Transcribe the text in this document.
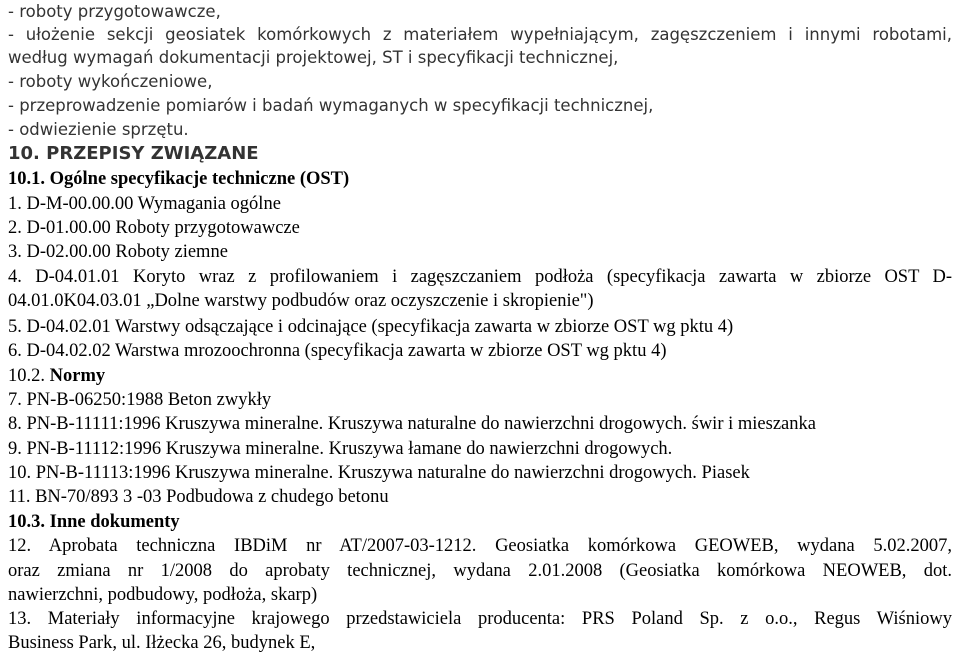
- roboty przygotowawcze,
- ułożenie sekcji geosiatek komórkowych z materiałem wypełniającym, zagęszczeniem i innymi robotami,
według wymagań dokumentacji projektowej, ST i specyfikacji technicznej,
- roboty wykończeniowe,
- przeprowadzenie pomiarów i badań wymaganych w specyfikacji technicznej,
- odwiezienie sprzętu.
10. PRZEPISY ZWIĄZANE
10.1. Ogólne specyfikacje techniczne (OST)
1. D-M-00.00.00 Wymagania ogólne
2. D-01.00.00 Roboty przygotowawcze
3. D-02.00.00 Roboty ziemne
4. D-04.01.01 Koryto wraz z profilowaniem i zagęszczaniem podłoża (specyfikacja zawarta w zbiorze OST D-
04.01.0K04.03.01 „Dolne warstwy podbudów oraz oczyszczenie i skropienie")
5. D-04.02.01 Warstwy odsączające i odcinające (specyfikacja zawarta w zbiorze OST wg pktu 4)
6. D-04.02.02 Warstwa mrozoochronna (specyfikacja zawarta w zbiorze OST wg pktu 4)
10.2. Normy
7. PN-B-06250:1988 Beton zwykły
8. PN-B-11111:1996 Kruszywa mineralne. Kruszywa naturalne do nawierzchni drogowych. świr i mieszanka
9. PN-B-11112:1996 Kruszywa mineralne. Kruszywa łamane do nawierzchni drogowych.
10. PN-B-11113:1996 Kruszywa mineralne. Kruszywa naturalne do nawierzchni drogowych. Piasek
11. BN-70/893 3 -03 Podbudowa z chudego betonu
10.3. Inne dokumenty
12. Aprobata techniczna IBDiM nr AT/2007-03-1212. Geosiatka komórkowa GEOWEB, wydana 5.02.2007,
oraz zmiana nr 1/2008 do aprobaty technicznej, wydana 2.01.2008 (Geosiatka komórkowa NEOWEB, dot.
nawierzchni, podbudowy, podłoża, skarp)
13. Materiały informacyjne krajowego przedstawiciela producenta: PRS Poland Sp. z o.o., Regus Wiśniowy
Business Park, ul. Iłżecka 26, budynek E,
